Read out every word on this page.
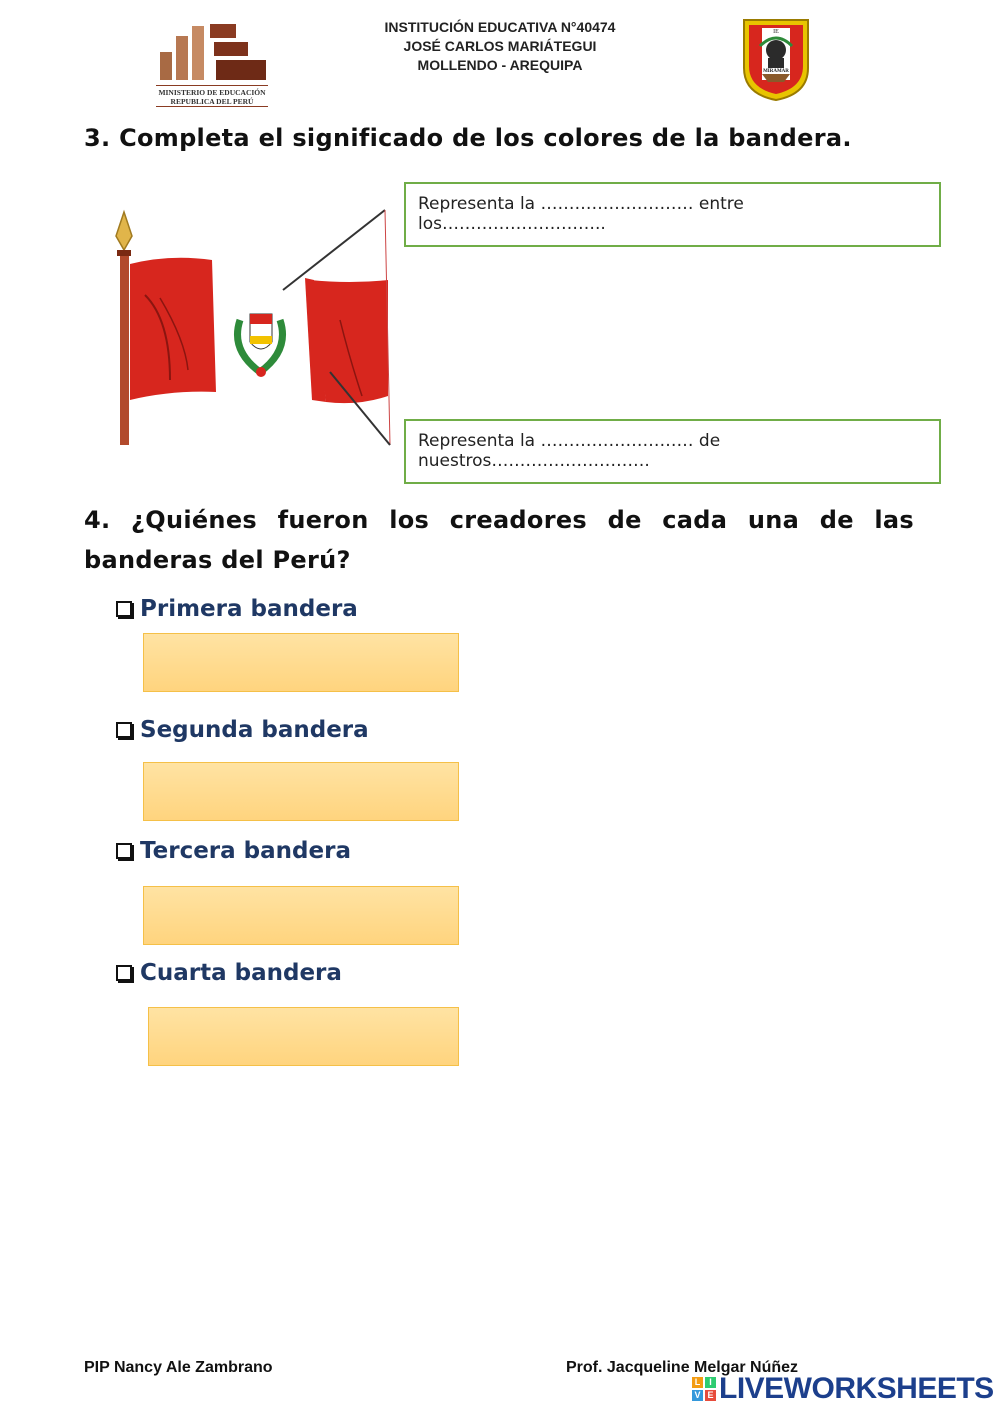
MINISTERIO DE EDUCACIÓN
REPUBLICA DEL PERÚ
INSTITUCIÓN EDUCATIVA N°40474
JOSÉ CARLOS MARIÁTEGUI
MOLLENDO - AREQUIPA
IE
MIRAMAR
3. Completa el significado de los colores de la bandera.
Representa la ……………………… entre los………………………..
Representa la ……………………… de nuestros……………………….
4. ¿Quiénes fueron los creadores de cada una de las banderas del Perú?
Primera bandera
Segunda bandera
Tercera bandera
Cuarta bandera
PIP Nancy Ale Zambrano	Prof. Jacqueline Melgar Núñez
L I
V E LIVEWORKSHEETS
